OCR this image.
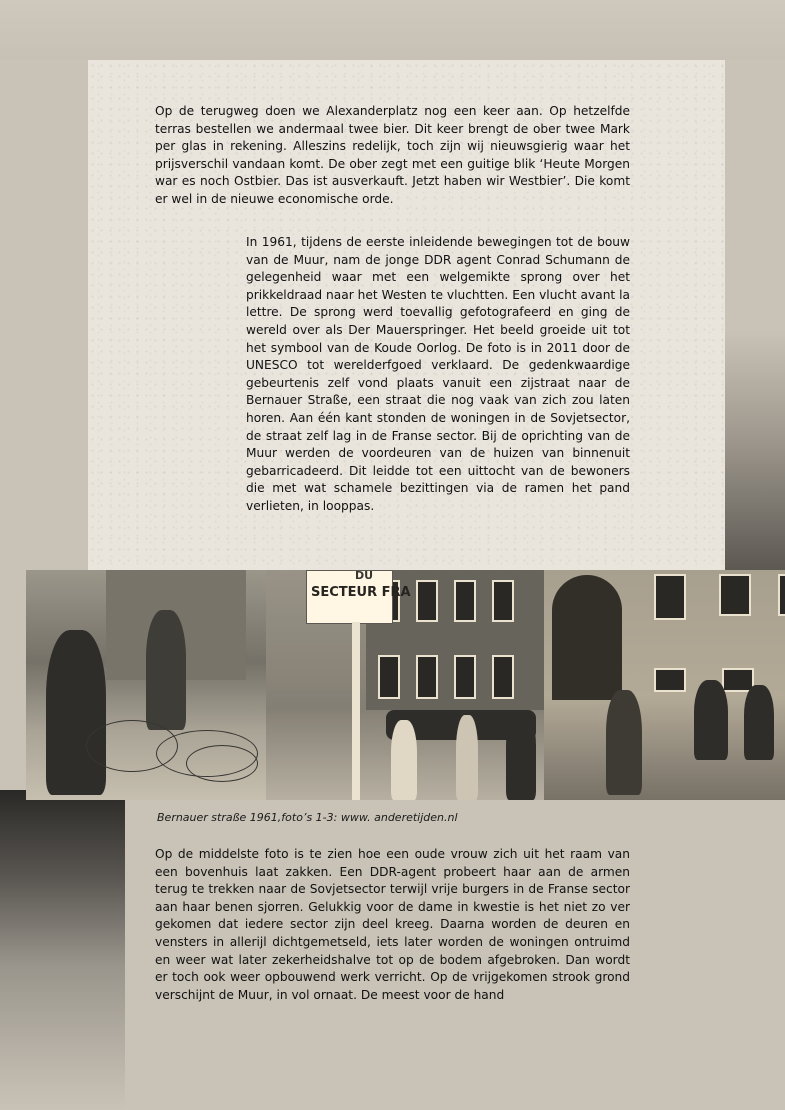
Op de terugweg doen we Alexanderplatz nog een keer aan. Op hetzelfde terras bestellen we andermaal twee bier. Dit keer brengt de ober twee Mark per glas in rekening. Alleszins redelijk, toch zijn wij nieuwsgierig waar het prijsverschil vandaan komt. De ober zegt met een guitige blik ‘Heute Morgen war es noch Ostbier. Das ist ausverkauft. Jetzt haben wir Westbier’. Die komt er wel in de nieuwe economische orde.

In 1961, tijdens de eerste inleidende bewegingen tot de bouw van de Muur, nam de jonge DDR agent Conrad Schumann de gelegenheid waar met een welgemikte sprong over het prikkeldraad naar het Westen te vluchtten. Een vlucht avant la lettre. De sprong werd toevallig gefotografeerd en ging de wereld over als Der Mauerspringer. Het beeld groeide uit tot het symbool van de Koude Oorlog. De foto is in 2011 door de UNESCO tot werelderfgoed verklaard. De gedenkwaardige gebeurtenis zelf vond plaats vanuit een zijstraat naar de Bernauer Straße, een straat die nog vaak van zich zou laten horen. Aan één kant stonden de woningen in de Sovjetsector, de straat zelf lag in de Franse sector. Bij de oprichting van de Muur werden de voordeuren van de huizen van binnenuit gebarricadeerd. Dit leidde tot een uittocht van de bewoners die met wat schamele bezittingen via de ramen het pand verlieten, in looppas.

DU
SECTEUR FRA
Bernauer straße 1961,foto’s 1-3: www. anderetijden.nl

Op de middelste foto is te zien hoe een oude vrouw zich uit het raam van een bovenhuis laat zakken. Een DDR-agent probeert haar aan de armen terug te trekken naar de Sovjetsector terwijl vrije burgers in de Franse sector aan haar benen sjorren. Gelukkig voor de dame in kwestie is het niet zo ver gekomen dat iedere sector zijn deel kreeg. Daarna worden de deuren en vensters in allerijl dichtgemetseld, iets later worden de woningen ontruimd en weer wat later zekerheidshalve tot op de bodem afgebroken. Dan wordt er toch ook weer opbouwend werk verricht. Op de vrijgekomen strook grond verschijnt de Muur, in vol ornaat. De meest voor de hand
